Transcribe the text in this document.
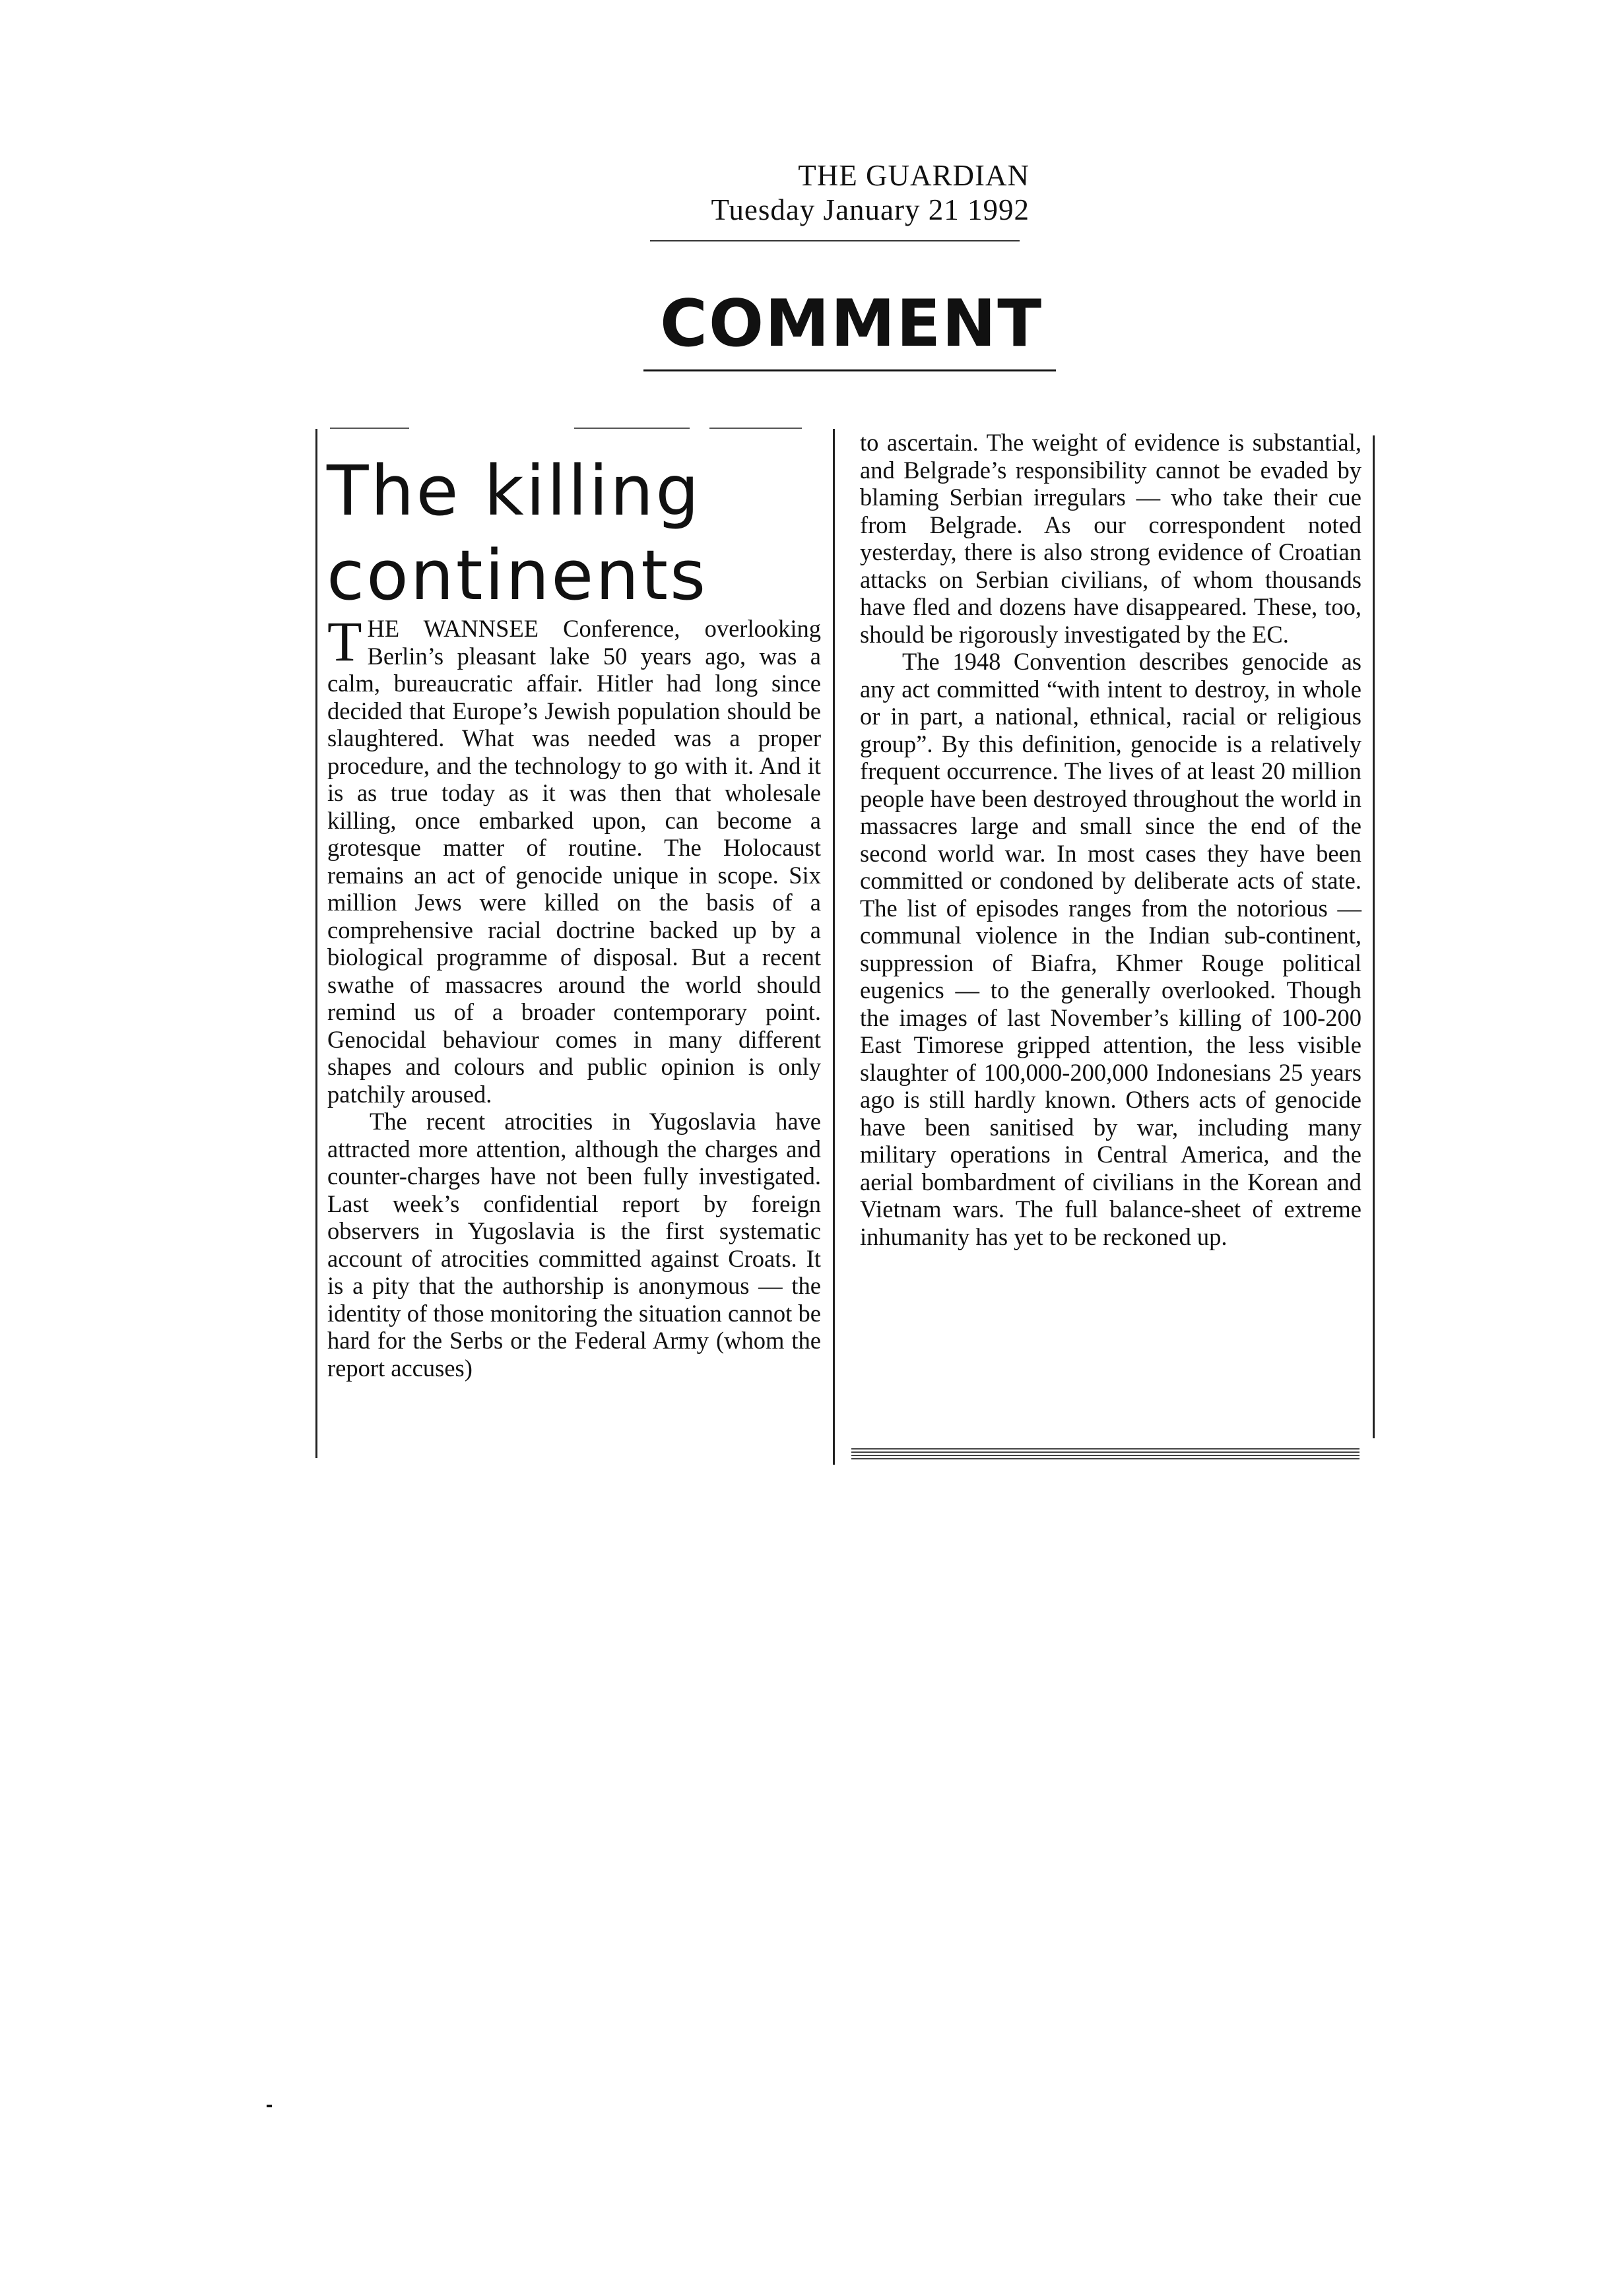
THE GUARDIAN
Tuesday January 21 1992
COMMENT
The killing continents

THE WANNSEE Conference, overlooking Berlin’s pleasant lake 50 years ago, was a calm, bureaucratic affair. Hitler had long since decided that Europe’s Jewish population should be slaughtered. What was needed was a proper procedure, and the technology to go with it. And it is as true today as it was then that wholesale killing, once embarked upon, can become a grotesque matter of routine. The Holocaust remains an act of genocide unique in scope. Six million Jews were killed on the basis of a comprehensive racial doctrine backed up by a biological programme of disposal. But a recent swathe of massacres around the world should remind us of a broader contemporary point. Genocidal behaviour comes in many different shapes and colours and public opinion is only patchily aroused.

The recent atrocities in Yugoslavia have attracted more attention, although the charges and counter-charges have not been fully investigated. Last week’s confidential report by foreign observers in Yugoslavia is the first systematic account of atrocities committed against Croats. It is a pity that the authorship is anonymous — the identity of those monitoring the situation cannot be hard for the Serbs or the Federal Army (whom the report accuses)

to ascertain. The weight of evidence is substantial, and Belgrade’s responsibility cannot be evaded by blaming Serbian irregulars — who take their cue from Belgrade. As our correspondent noted yesterday, there is also strong evidence of Croatian attacks on Serbian civilians, of whom thousands have fled and dozens have disappeared. These, too, should be rigorously investigated by the EC.

The 1948 Convention describes genocide as any act committed “with intent to destroy, in whole or in part, a national, ethnical, racial or religious group”. By this definition, genocide is a relatively frequent occurrence. The lives of at least 20 million people have been destroyed throughout the world in massacres large and small since the end of the second world war. In most cases they have been committed or condoned by deliberate acts of state. The list of episodes ranges from the notorious — communal violence in the Indian sub-continent, suppression of Biafra, Khmer Rouge political eugenics — to the generally overlooked. Though the images of last November’s killing of 100-200 East Timorese gripped attention, the less visible slaughter of 100,000-200,000 Indonesians 25 years ago is still hardly known. Others acts of genocide have been sanitised by war, including many military operations in Central America, and the aerial bombardment of civilians in the Korean and Vietnam wars. The full balance-sheet of extreme inhumanity has yet to be reckoned up.
